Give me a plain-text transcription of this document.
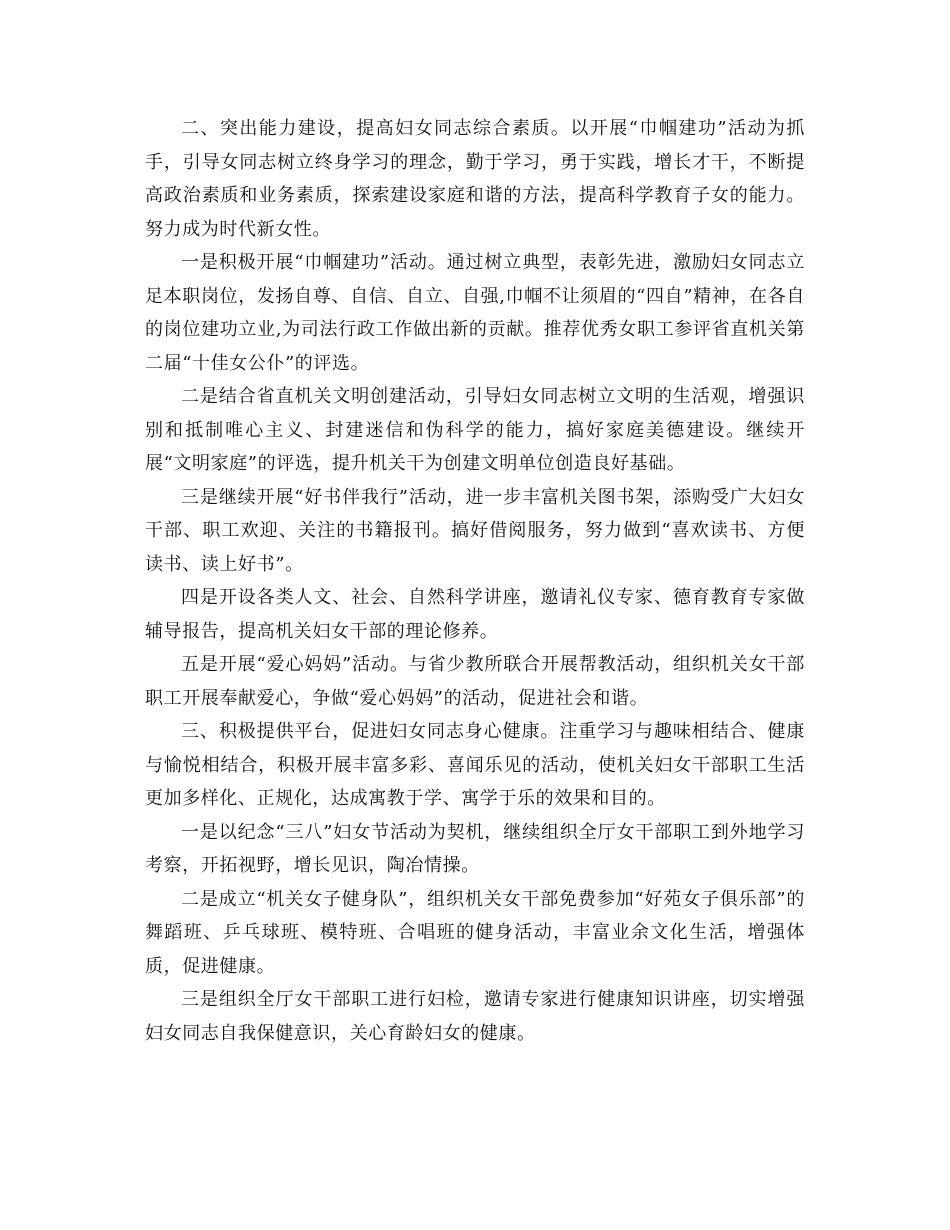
二、突出能力建设，提高妇女同志综合素质。以开展“巾帼建功”活动为抓手，引导女同志树立终身学习的理念，勤于学习，勇于实践，增长才干，不断提高政治素质和业务素质，探索建设家庭和谐的方法，提高科学教育子女的能力。努力成为时代新女性。

一是积极开展“巾帼建功”活动。通过树立典型，表彰先进，激励妇女同志立足本职岗位，发扬自尊、自信、自立、自强,巾帼不让须眉的“四自”精神，在各自的岗位建功立业,为司法行政工作做出新的贡献。推荐优秀女职工参评省直机关第二届“十佳女公仆”的评选。

二是结合省直机关文明创建活动，引导妇女同志树立文明的生活观，增强识别和抵制唯心主义、封建迷信和伪科学的能力，搞好家庭美德建设。继续开展“文明家庭”的评选，提升机关干为创建文明单位创造良好基础。

三是继续开展“好书伴我行”活动，进一步丰富机关图书架，添购受广大妇女干部、职工欢迎、关注的书籍报刊。搞好借阅服务，努力做到“喜欢读书、方便读书、读上好书”。

四是开设各类人文、社会、自然科学讲座，邀请礼仪专家、德育教育专家做辅导报告，提高机关妇女干部的理论修养。

五是开展“爱心妈妈”活动。与省少教所联合开展帮教活动，组织机关女干部职工开展奉献爱心，争做“爱心妈妈”的活动，促进社会和谐。

三、积极提供平台，促进妇女同志身心健康。注重学习与趣味相结合、健康与愉悦相结合，积极开展丰富多彩、喜闻乐见的活动，使机关妇女干部职工生活更加多样化、正规化，达成寓教于学、寓学于乐的效果和目的。

一是以纪念“三八”妇女节活动为契机，继续组织全厅女干部职工到外地学习考察，开拓视野，增长见识，陶冶情操。

二是成立“机关女子健身队”，组织机关女干部免费参加“好苑女子俱乐部”的舞蹈班、乒乓球班、模特班、合唱班的健身活动，丰富业余文化生活，增强体质，促进健康。

三是组织全厅女干部职工进行妇检，邀请专家进行健康知识讲座，切实增强妇女同志自我保健意识，关心育龄妇女的健康。
